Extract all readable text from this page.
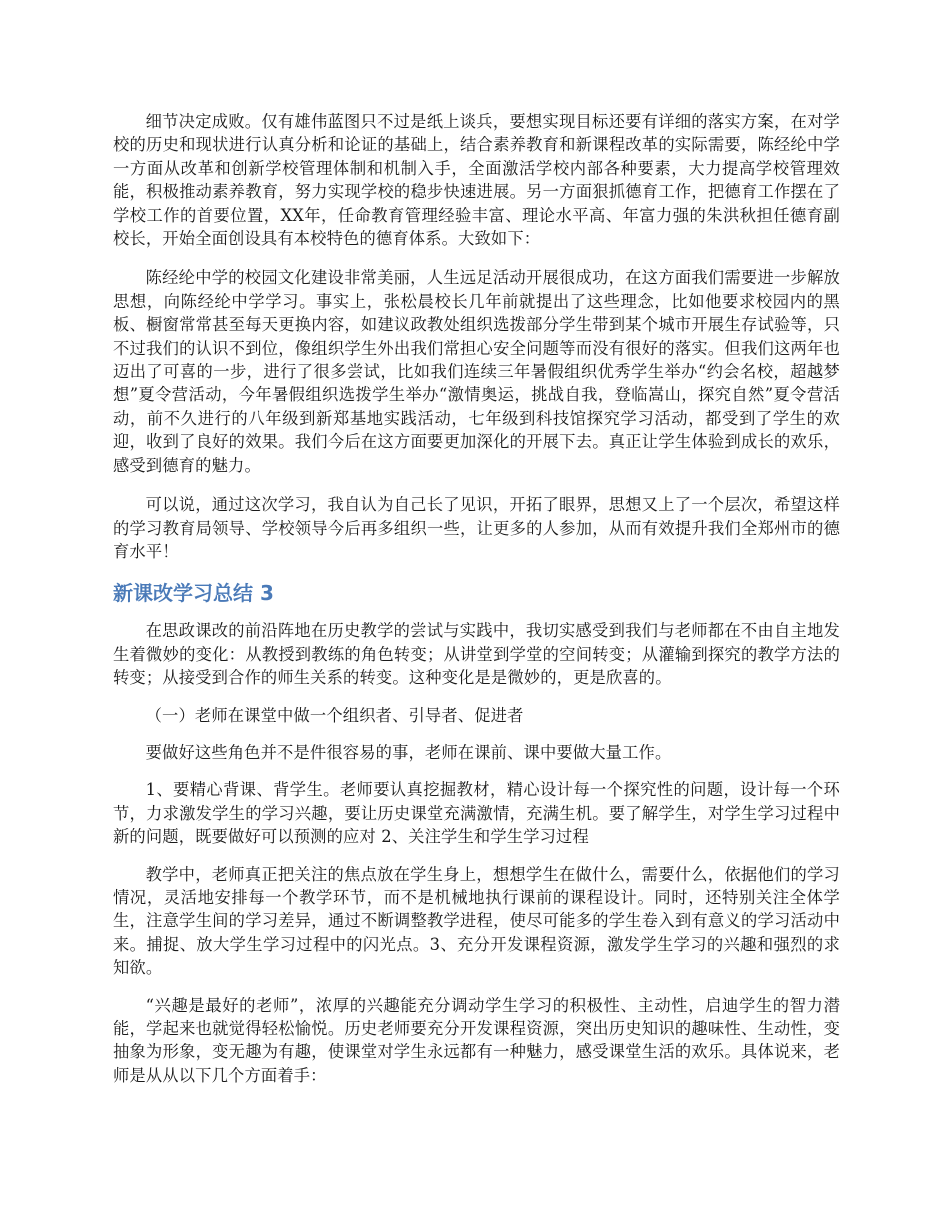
细节决定成败。仅有雄伟蓝图只不过是纸上谈兵，要想实现目标还要有详细的落实方案，在对学校的历史和现状进行认真分析和论证的基础上，结合素养教育和新课程改革的实际需要，陈经纶中学一方面从改革和创新学校管理体制和机制入手，全面激活学校内部各种要素，大力提高学校管理效能，积极推动素养教育，努力实现学校的稳步快速进展。另一方面狠抓德育工作，把德育工作摆在了学校工作的首要位置，XX年，任命教育管理经验丰富、理论水平高、年富力强的朱洪秋担任德育副校长，开始全面创设具有本校特色的德育体系。大致如下：

陈经纶中学的校园文化建设非常美丽，人生远足活动开展很成功，在这方面我们需要进一步解放思想，向陈经纶中学学习。事实上，张松晨校长几年前就提出了这些理念，比如他要求校园内的黑板、橱窗常常甚至每天更换内容，如建议政教处组织选拨部分学生带到某个城市开展生存试验等，只不过我们的认识不到位，像组织学生外出我们常担心安全问题等而没有很好的落实。但我们这两年也迈出了可喜的一步，进行了很多尝试，比如我们连续三年暑假组织优秀学生举办“约会名校，超越梦想”夏令营活动，今年暑假组织选拨学生举办“激情奥运，挑战自我，登临嵩山，探究自然”夏令营活动，前不久进行的八年级到新郑基地实践活动，七年级到科技馆探究学习活动，都受到了学生的欢迎，收到了良好的效果。我们今后在这方面要更加深化的开展下去。真正让学生体验到成长的欢乐，感受到德育的魅力。

可以说，通过这次学习，我自认为自己长了见识，开拓了眼界，思想又上了一个层次，希望这样的学习教育局领导、学校领导今后再多组织一些，让更多的人参加，从而有效提升我们全郑州市的德育水平！

新课改学习总结 3

在思政课改的前沿阵地在历史教学的尝试与实践中，我切实感受到我们与老师都在不由自主地发生着微妙的变化：从教授到教练的角色转变；从讲堂到学堂的空间转变；从灌输到探究的教学方法的转变；从接受到合作的师生关系的转变。这种变化是是微妙的，更是欣喜的。

（一）老师在课堂中做一个组织者、引导者、促进者

要做好这些角色并不是件很容易的事，老师在课前、课中要做大量工作。

1、要精心背课、背学生。老师要认真挖掘教材，精心设计每一个探究性的问题，设计每一个环节，力求激发学生的学习兴趣，要让历史课堂充满激情，充满生机。要了解学生，对学生学习过程中新的问题，既要做好可以预测的应对 2、关注学生和学生学习过程

教学中，老师真正把关注的焦点放在学生身上，想想学生在做什么，需要什么，依据他们的学习情况，灵活地安排每一个教学环节，而不是机械地执行课前的课程设计。同时，还特别关注全体学生，注意学生间的学习差异，通过不断调整教学进程，使尽可能多的学生卷入到有意义的学习活动中来。捕捉、放大学生学习过程中的闪光点。3、充分开发课程资源，激发学生学习的兴趣和强烈的求知欲。

“兴趣是最好的老师”，浓厚的兴趣能充分调动学生学习的积极性、主动性，启迪学生的智力潜能，学起来也就觉得轻松愉悦。历史老师要充分开发课程资源，突出历史知识的趣味性、生动性，变抽象为形象，变无趣为有趣，使课堂对学生永远都有一种魅力，感受课堂生活的欢乐。具体说来，老师是从从以下几个方面着手：
